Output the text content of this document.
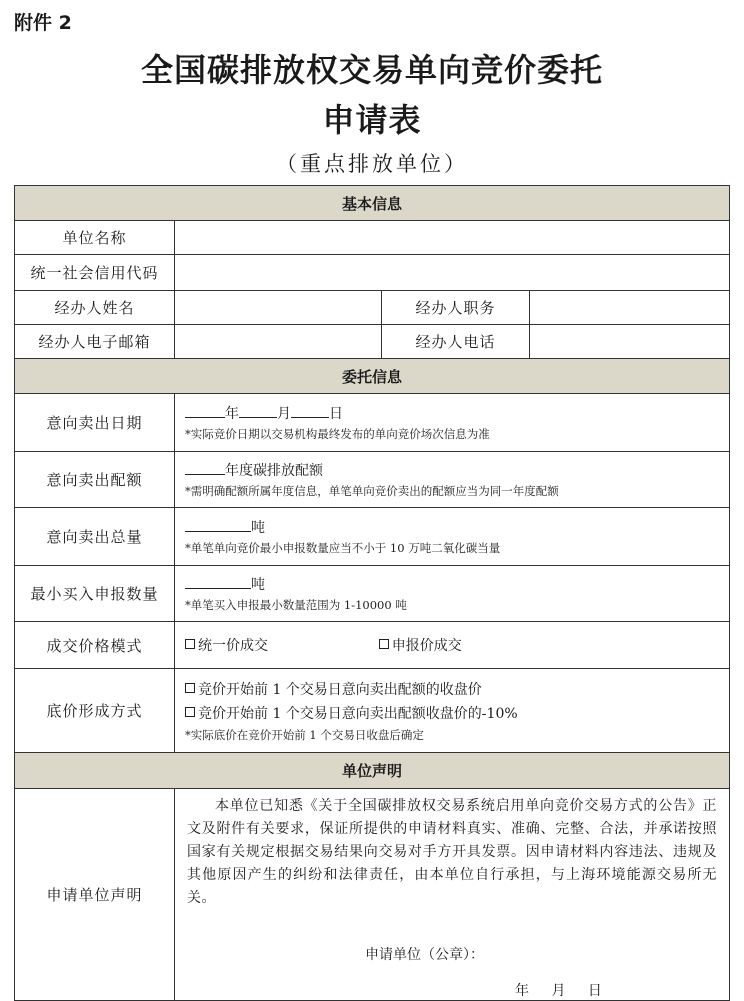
附件 2
全国碳排放权交易单向竞价委托
申请表
（重点排放单位）
基本信息			
单位名称			
统一社会信用代码			
经办人姓名		经办人职务	
经办人电子邮箱		经办人电话	
委托信息			
意向卖出日期	年 月 日
*实际竞价日期以交易机构最终发布的单向竞价场次信息为准		

意向卖出配额	年度碳排放配额
*需明确配额所属年度信息，单笔单向竞价卖出的配额应当为同一年度配额		

意向卖出总量	吨
*单笔单向竞价最小申报数量应当不小于 10 万吨二氧化碳当量		

最小买入申报数量	吨
*单笔买入申报最小数量范围为 1-10000 吨		

成交价格模式	统一价成交 申报价成交		
底价形成方式	竞价开始前 1 个交易日意向卖出配额的收盘价
竞价开始前 1 个交易日意向卖出配额收盘价的-10%
*实际底价在竞价开始前 1 个交易日收盘后确定		

单位声明			
申请单位声明	本单位已知悉《关于全国碳排放权交易系统启用单向竞价交易方式的公告》正文及附件有关要求，保证所提供的申请材料真实、准确、完整、合法，并承诺按照国家有关规定根据交易结果向交易对手方开具发票。因申请材料内容违法、违规及其他原因产生的纠纷和法律责任，由本单位自行承担，与上海环境能源交易所无关。

申请单位（公章）：
年 月 日		
